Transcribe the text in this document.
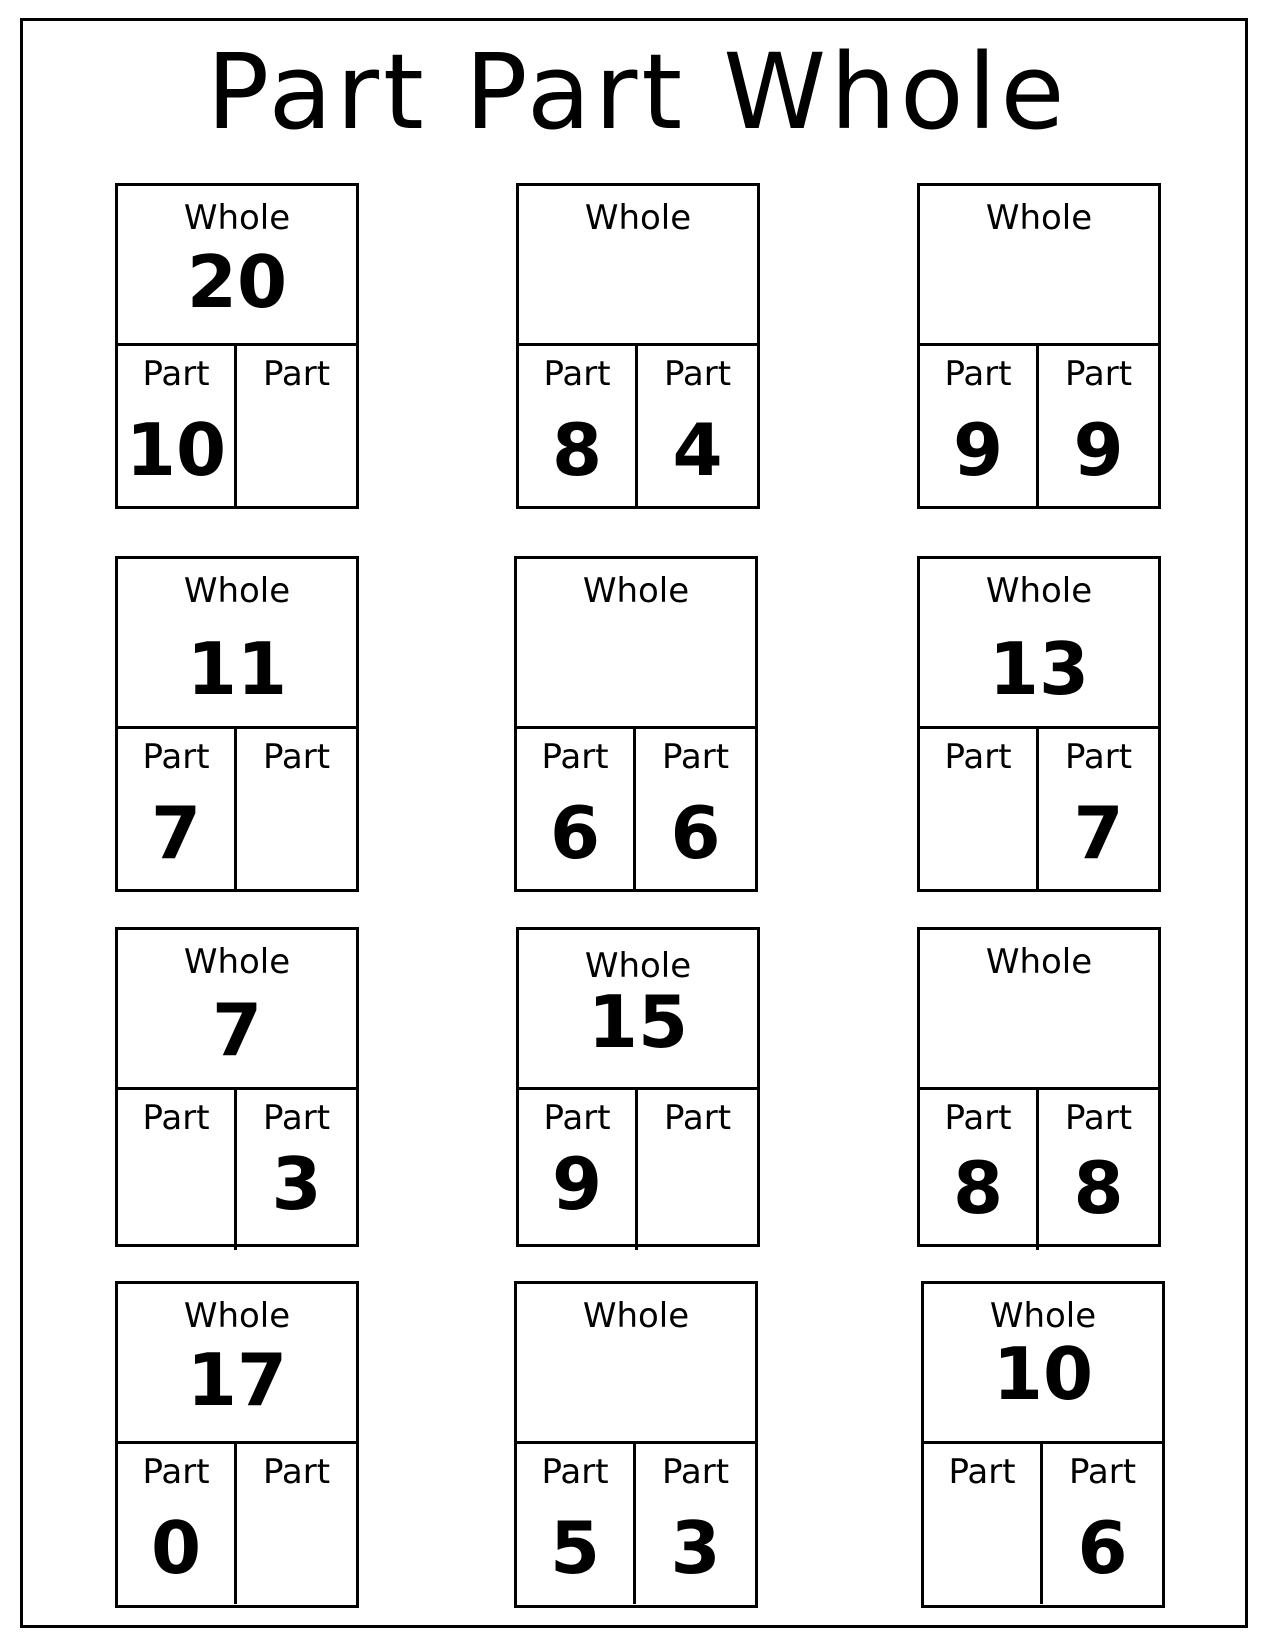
Part Part Whole
Whole
20
Part
10
Part
Whole
Part
8
Part
4
Whole
Part
9
Part
9
Whole
11
Part
7
Part
Whole
Part
6
Part
6
Whole
13
Part	Part
7
Whole
7
Part	Part
3
Whole
15
Part
9
Part
Whole
Part
8
Part
8
Whole
17
Part
0
Part
Whole
Part
5
Part
3
Whole
10
Part	Part
6
